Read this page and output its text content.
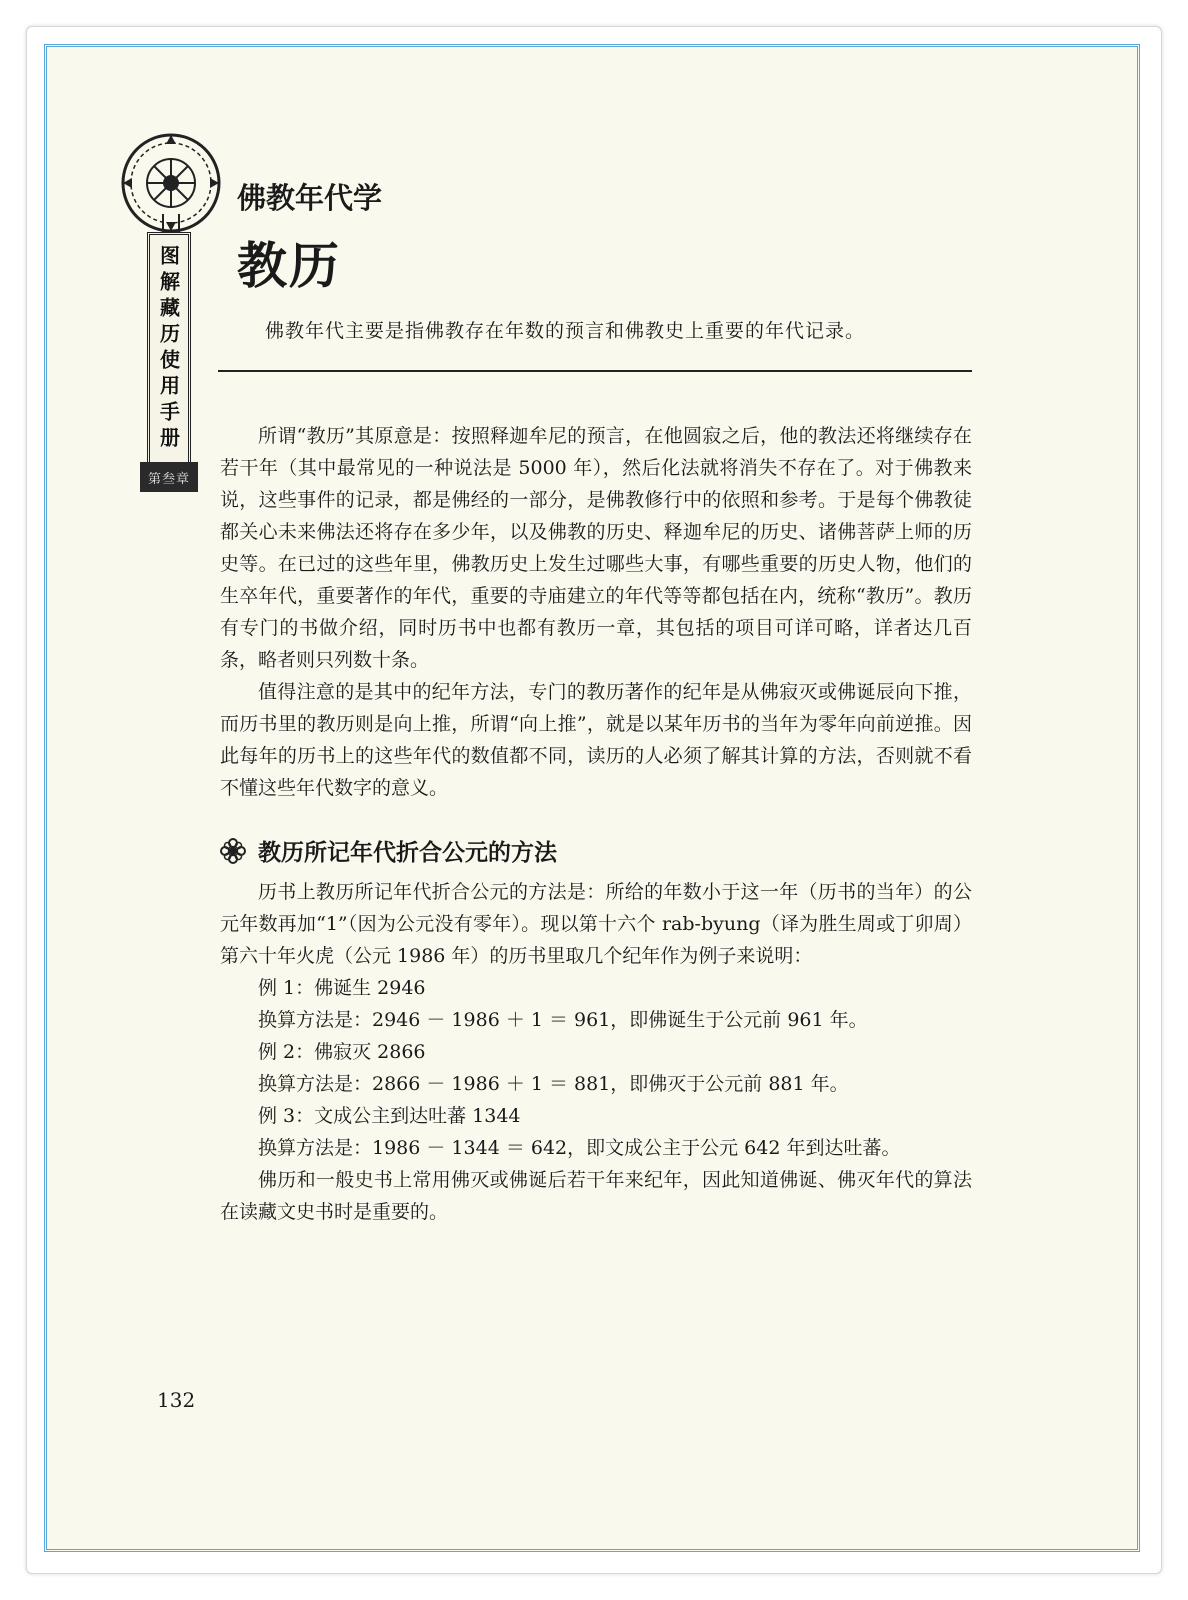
图解藏历使用手册
第叁章
佛教年代学
教历
佛教年代主要是指佛教存在年数的预言和佛教史上重要的年代记录。

所谓“教历”其原意是：按照释迦牟尼的预言，在他圆寂之后，他的教法还将继续存在若干年（其中最常见的一种说法是 5000 年），然后化法就将消失不存在了。对于佛教来说，这些事件的记录，都是佛经的一部分，是佛教修行中的依照和参考。于是每个佛教徒都关心未来佛法还将存在多少年，以及佛教的历史、释迦牟尼的历史、诸佛菩萨上师的历史等。在已过的这些年里，佛教历史上发生过哪些大事，有哪些重要的历史人物，他们的生卒年代，重要著作的年代，重要的寺庙建立的年代等等都包括在内，统称“教历”。教历有专门的书做介绍，同时历书中也都有教历一章，其包括的项目可详可略，详者达几百条，略者则只列数十条。

值得注意的是其中的纪年方法，专门的教历著作的纪年是从佛寂灭或佛诞辰向下推，而历书里的教历则是向上推，所谓“向上推”，就是以某年历书的当年为零年向前逆推。因此每年的历书上的这些年代的数值都不同，读历的人必须了解其计算的方法，否则就不看不懂这些年代数字的意义。

教历所记年代折合公元的方法

历书上教历所记年代折合公元的方法是：所给的年数小于这一年（历书的当年）的公元年数再加“1”（因为公元没有零年）。现以第十六个 rab-byung（译为胜生周或丁卯周）第六十年火虎（公元 1986 年）的历书里取几个纪年作为例子来说明：

例 1：佛诞生 2946

换算方法是：2946 － 1986 ＋ 1 ＝ 961，即佛诞生于公元前 961 年。

例 2：佛寂灭 2866

换算方法是：2866 － 1986 ＋ 1 ＝ 881，即佛灭于公元前 881 年。

例 3：文成公主到达吐蕃 1344

换算方法是：1986 － 1344 ＝ 642，即文成公主于公元 642 年到达吐蕃。

佛历和一般史书上常用佛灭或佛诞后若干年来纪年，因此知道佛诞、佛灭年代的算法在读藏文史书时是重要的。

132
